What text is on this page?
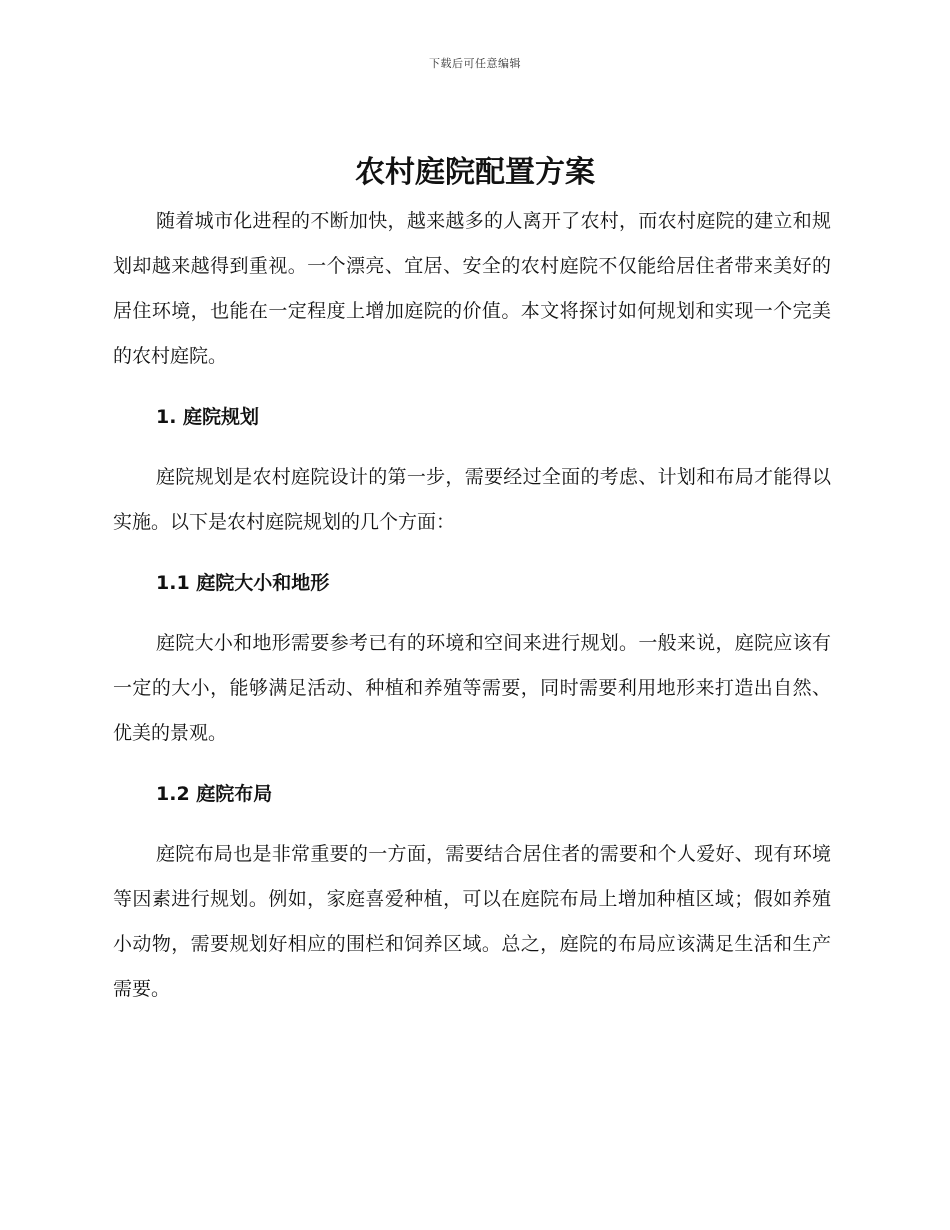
下载后可任意编辑
农村庭院配置方案

随着城市化进程的不断加快，越来越多的人离开了农村，而农村庭院的建立和规划却越来越得到重视。一个漂亮、宜居、安全的农村庭院不仅能给居住者带来美好的居住环境，也能在一定程度上增加庭院的价值。本文将探讨如何规划和实现一个完美的农村庭院。

1. 庭院规划

庭院规划是农村庭院设计的第一步，需要经过全面的考虑、计划和布局才能得以实施。以下是农村庭院规划的几个方面：

1.1 庭院大小和地形

庭院大小和地形需要参考已有的环境和空间来进行规划。一般来说，庭院应该有一定的大小，能够满足活动、种植和养殖等需要，同时需要利用地形来打造出自然、优美的景观。

1.2 庭院布局

庭院布局也是非常重要的一方面，需要结合居住者的需要和个人爱好、现有环境等因素进行规划。例如，家庭喜爱种植，可以在庭院布局上增加种植区域；假如养殖小动物，需要规划好相应的围栏和饲养区域。总之，庭院的布局应该满足生活和生产需要。
